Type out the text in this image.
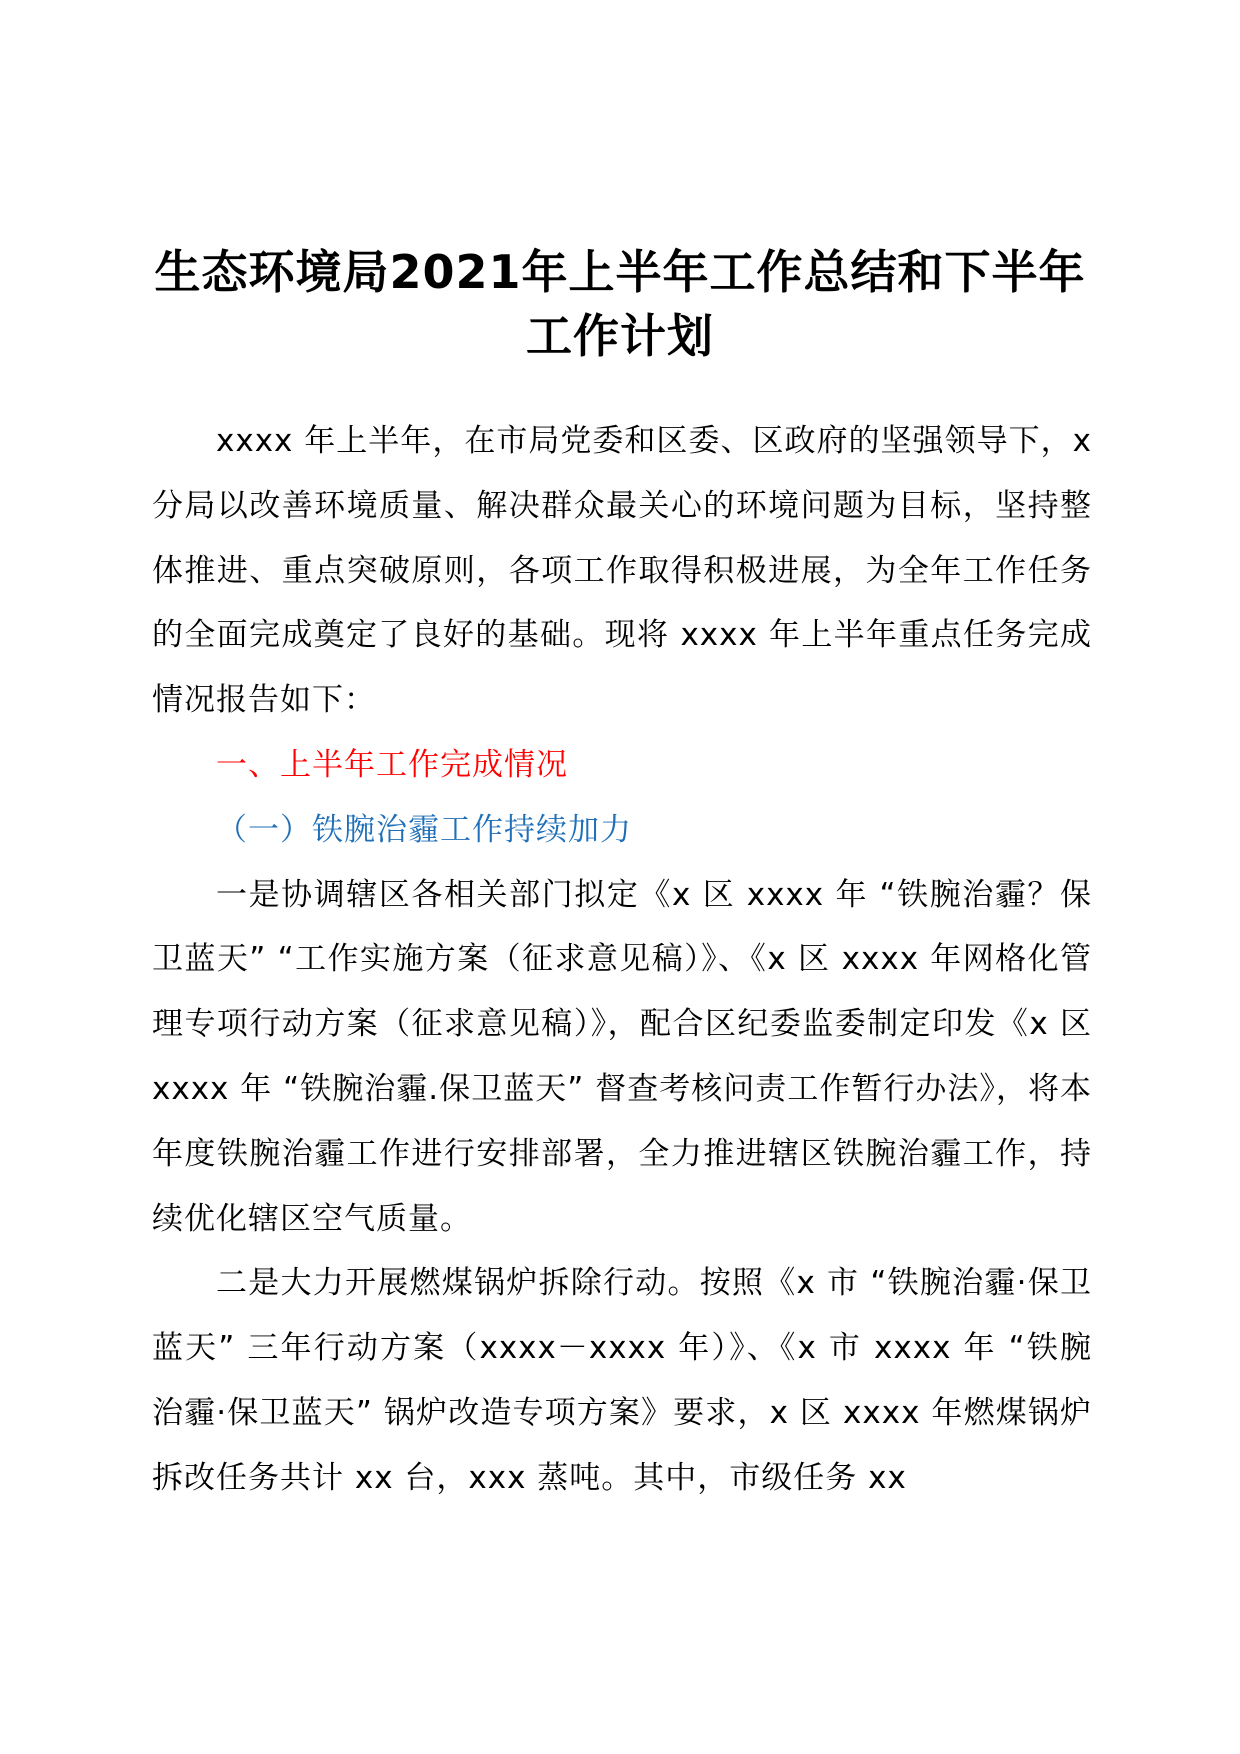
生态环境局2021年上半年工作总结和下半年
工作计划

xxxx 年上半年，在市局党委和区委、区政府的坚强领导下，x 分局以改善环境质量、解决群众最关心的环境问题为目标，坚持整体推进、重点突破原则，各项工作取得积极进展，为全年工作任务的全面完成奠定了良好的基础。现将 xxxx 年上半年重点任务完成情况报告如下：

一、上半年工作完成情况

（一）铁腕治霾工作持续加力

一是协调辖区各相关部门拟定《x 区 xxxx 年 “铁腕治霾？保卫蓝天” “工作实施方案（征求意见稿）》、《x 区 xxxx 年网格化管理专项行动方案（征求意见稿）》，配合区纪委监委制定印发《x 区 xxxx 年 “铁腕治霾.保卫蓝天” 督查考核问责工作暂行办法》，将本年度铁腕治霾工作进行安排部署，全力推进辖区铁腕治霾工作，持续优化辖区空气质量。

二是大力开展燃煤锅炉拆除行动。按照《x 市 “铁腕治霾·保卫蓝天” 三年行动方案（xxxx－xxxx 年）》、《x 市 xxxx 年 “铁腕治霾·保卫蓝天” 锅炉改造专项方案》要求，x 区 xxxx 年燃煤锅炉拆改任务共计 xx 台，xxx 蒸吨。其中，市级任务 xx
